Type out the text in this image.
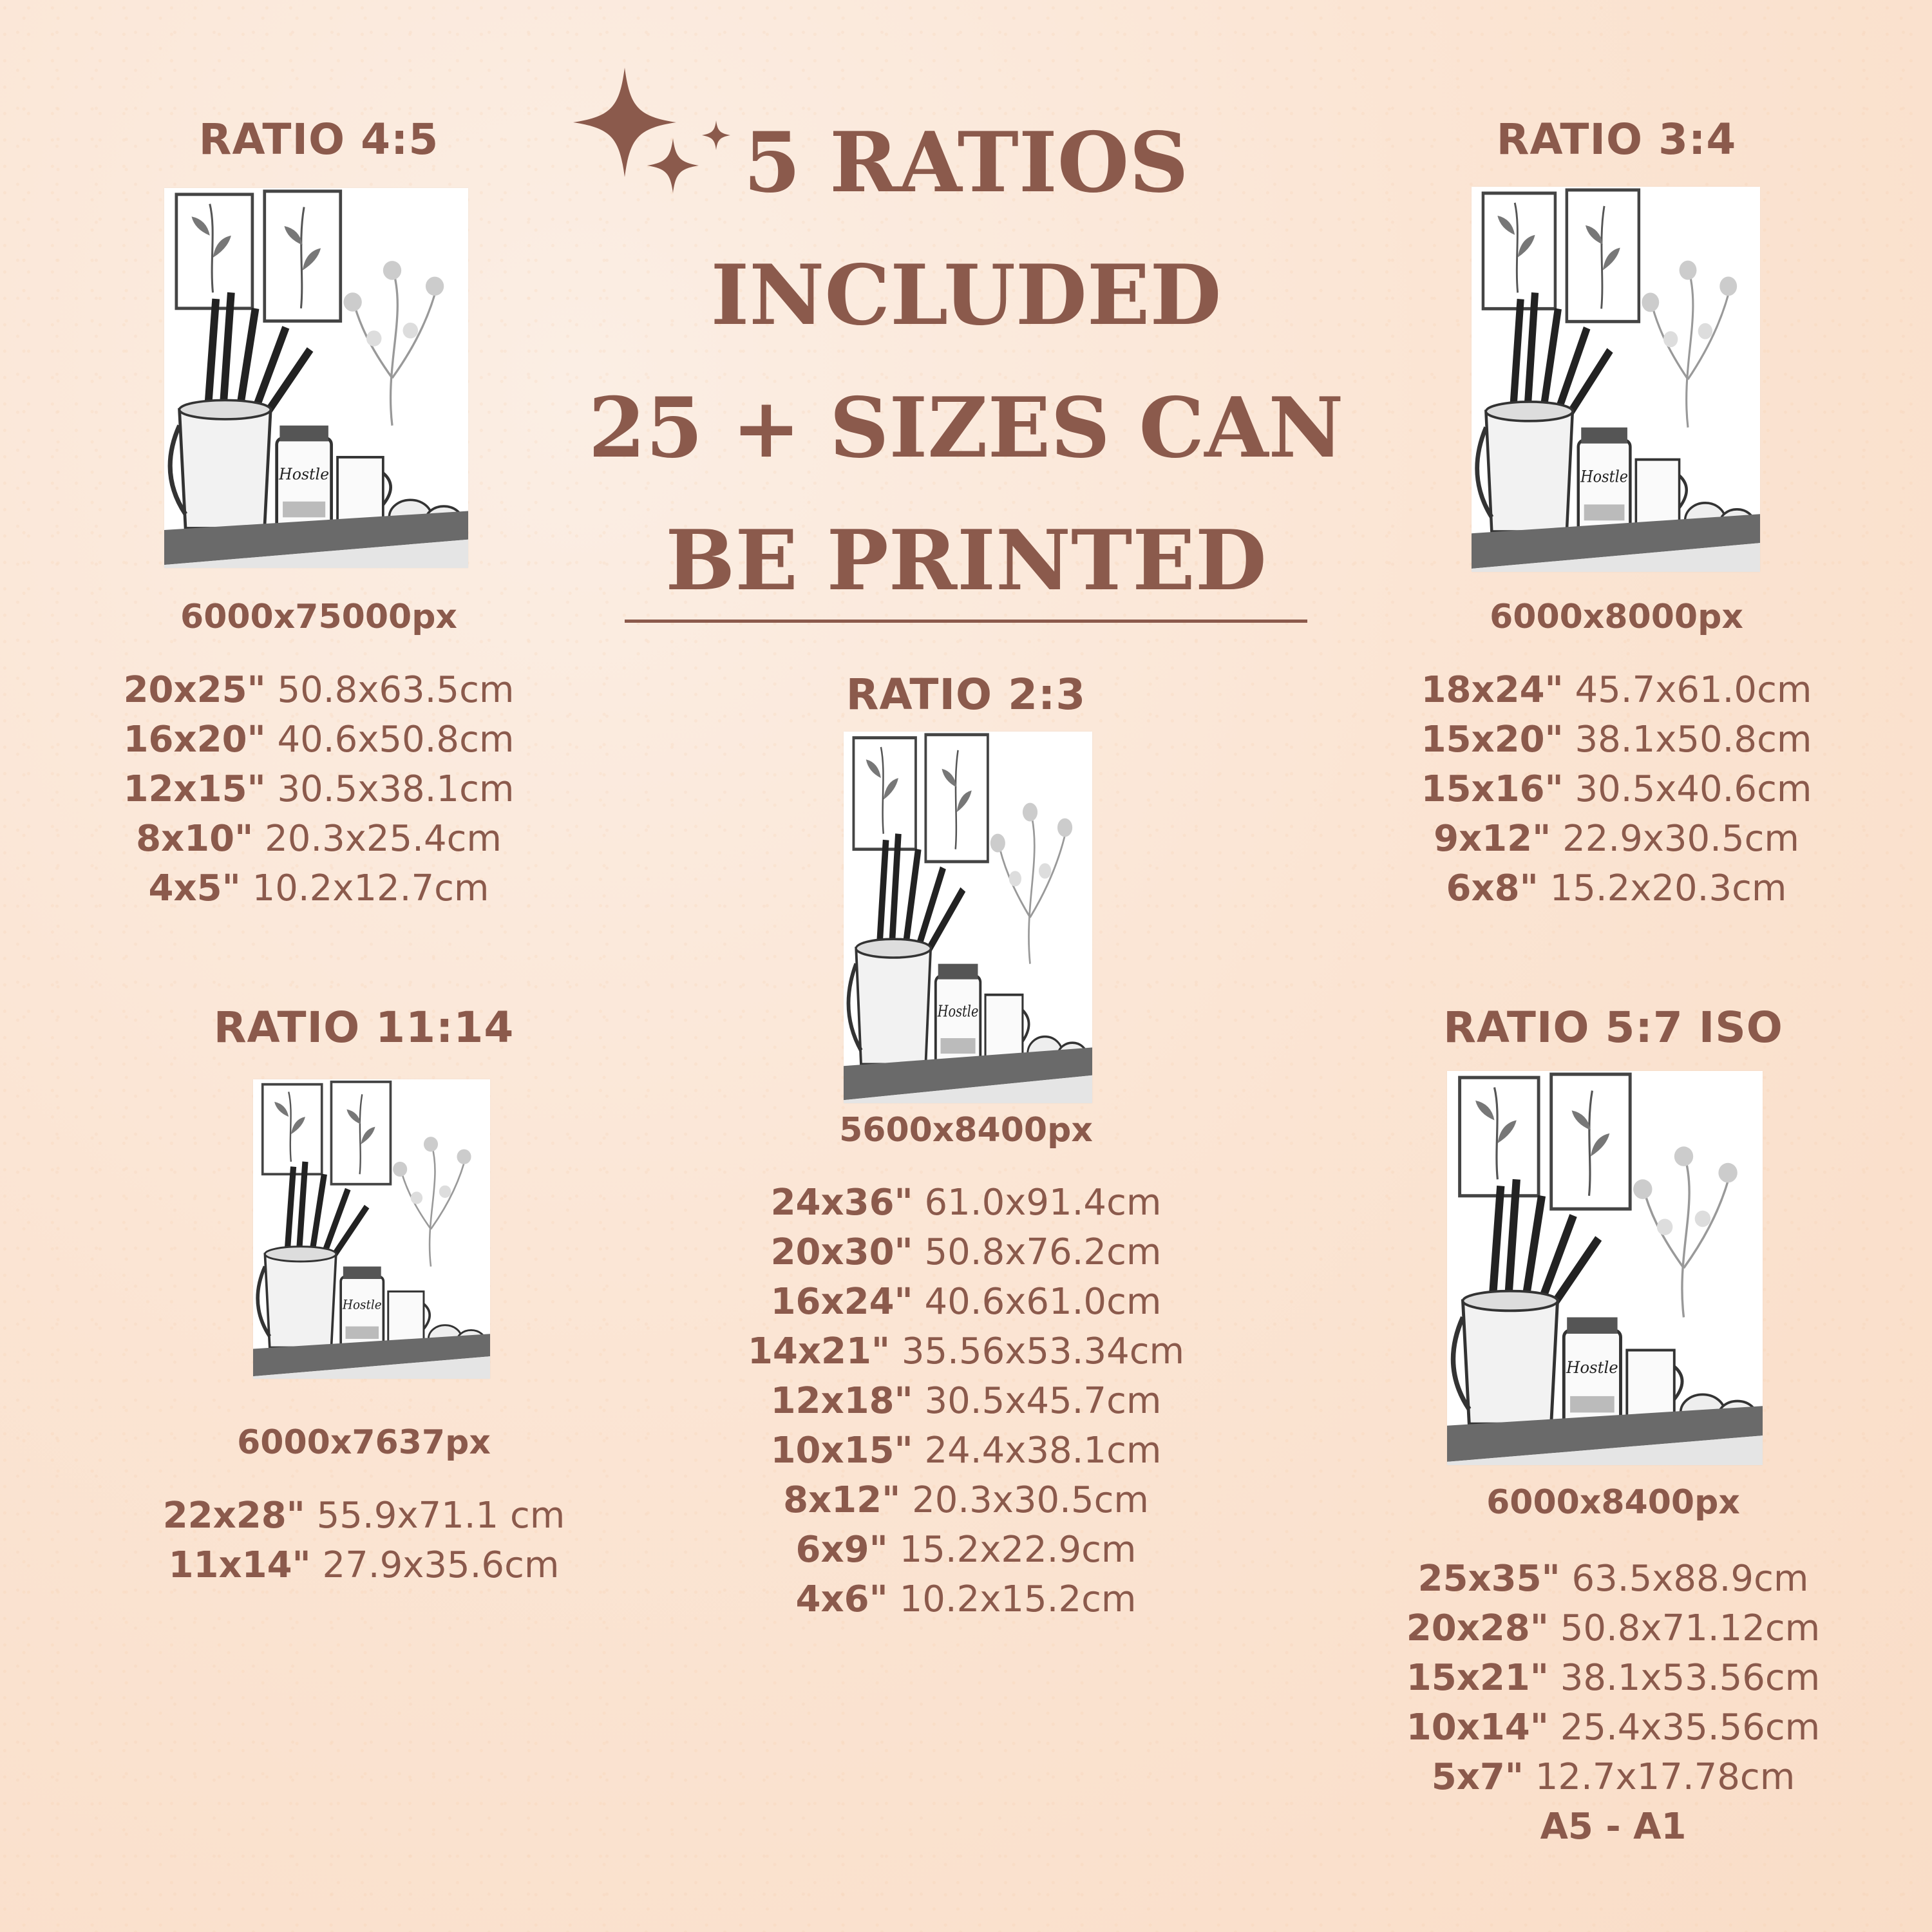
5 RATIOS
INCLUDED
25 + SIZES CAN
BE PRINTED
RATIO 4:5
6000x75000px
20x25" 50.8x63.5cm
16x20" 40.6x50.8cm
12x15" 30.5x38.1cm
8x10" 20.3x25.4cm
4x5" 10.2x12.7cm
RATIO 3:4
6000x8000px
18x24" 45.7x61.0cm
15x20" 38.1x50.8cm
15x16" 30.5x40.6cm
9x12" 22.9x30.5cm
6x8" 15.2x20.3cm
RATIO 2:3
5600x8400px
24x36" 61.0x91.4cm
20x30" 50.8x76.2cm
16x24" 40.6x61.0cm
14x21" 35.56x53.34cm
12x18" 30.5x45.7cm
10x15" 24.4x38.1cm
8x12" 20.3x30.5cm
6x9" 15.2x22.9cm
4x6" 10.2x15.2cm
RATIO 11:14
6000x7637px
22x28" 55.9x71.1 cm
11x14" 27.9x35.6cm
RATIO 5:7 ISO
6000x8400px
25x35" 63.5x88.9cm
20x28" 50.8x71.12cm
15x21" 38.1x53.56cm
10x14" 25.4x35.56cm
5x7" 12.7x17.78cm
A5 - A1
